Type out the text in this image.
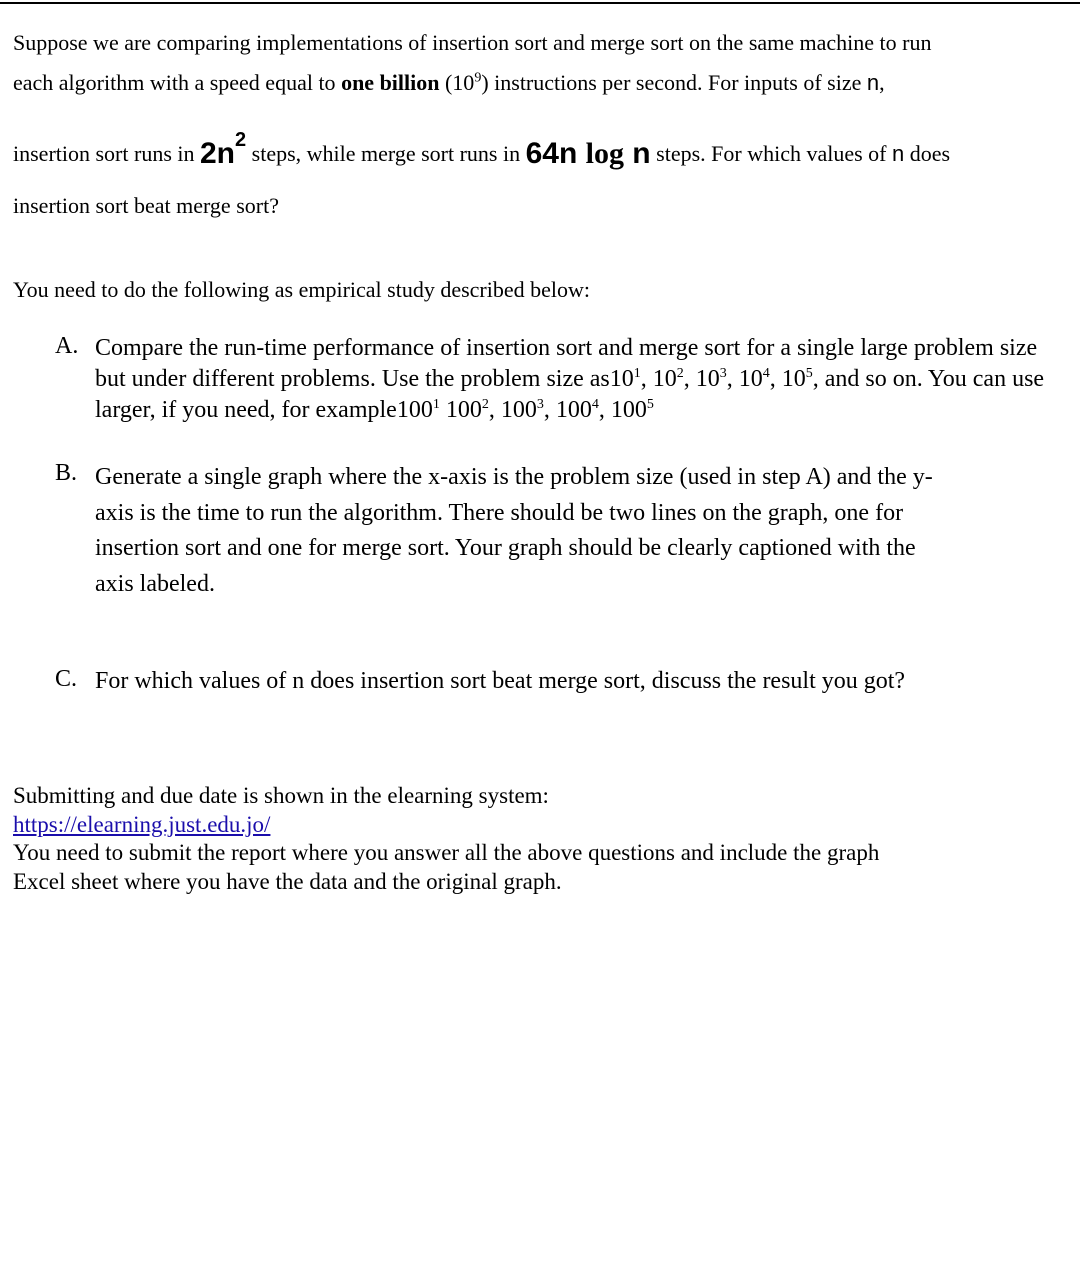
Suppose we are comparing implementations of insertion sort and merge sort on the same machine to run
each algorithm with a speed equal to one billion $(10^9)$ instructions per second. For inputs of size n,
insertion sort runs in $2n^2$ steps, while merge sort runs in 64n log n steps. For which values of n does
insertion sort beat merge sort?
You need to do the following as empirical study described below:
A. Compare the run-time performance of insertion sort and merge sort for a single large problem size but under different problems. Use the problem size $as10^1$, $10^2$, $10^3$, $10^4$, $10^5$, and so on. You can use larger, if you need, for $example100^1$ $100^2$, $100^3$, $100^4$, $100^5$
B. Generate a single graph where the x-axis is the problem size (used in step A) and the y-
axis is the time to run the algorithm. There should be two lines on the graph, one for
insertion sort and one for merge sort. Your graph should be clearly captioned with the
axis labeled.
C. For which values of n does insertion sort beat merge sort, discuss the result you got?
Submitting and due date is shown in the elearning system:
https://elearning.just.edu.jo/
You need to submit the report where you answer all the above questions and include the graph
Excel sheet where you have the data and the original graph.
